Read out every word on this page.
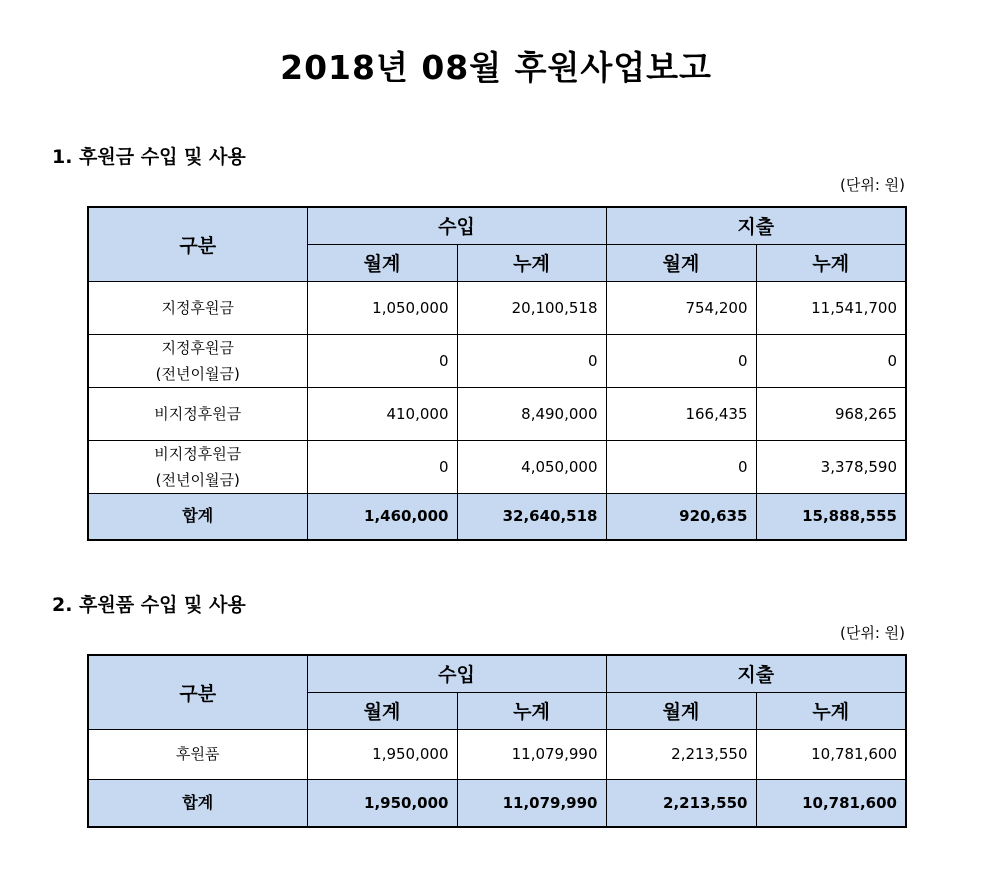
2018년 08월 후원사업보고
1. 후원금 수입 및 사용
(단위: 원)
구분	수입		지출	
	월계	누계	월계	누계
지정후원금	1,050,000	20,100,518	754,200	11,541,700

지정후원금
(전년이월금)	0	0	0	0
비지정후원금	410,000	8,490,000	166,435	968,265

비지정후원금
(전년이월금)	0	4,050,000	0	3,378,590
합계	1,460,000	32,640,518	920,635	15,888,555
2. 후원품 수입 및 사용
(단위: 원)
구분	수입		지출	
	월계	누계	월계	누계
후원품	1,950,000	11,079,990	2,213,550	10,781,600
합계	1,950,000	11,079,990	2,213,550	10,781,600
